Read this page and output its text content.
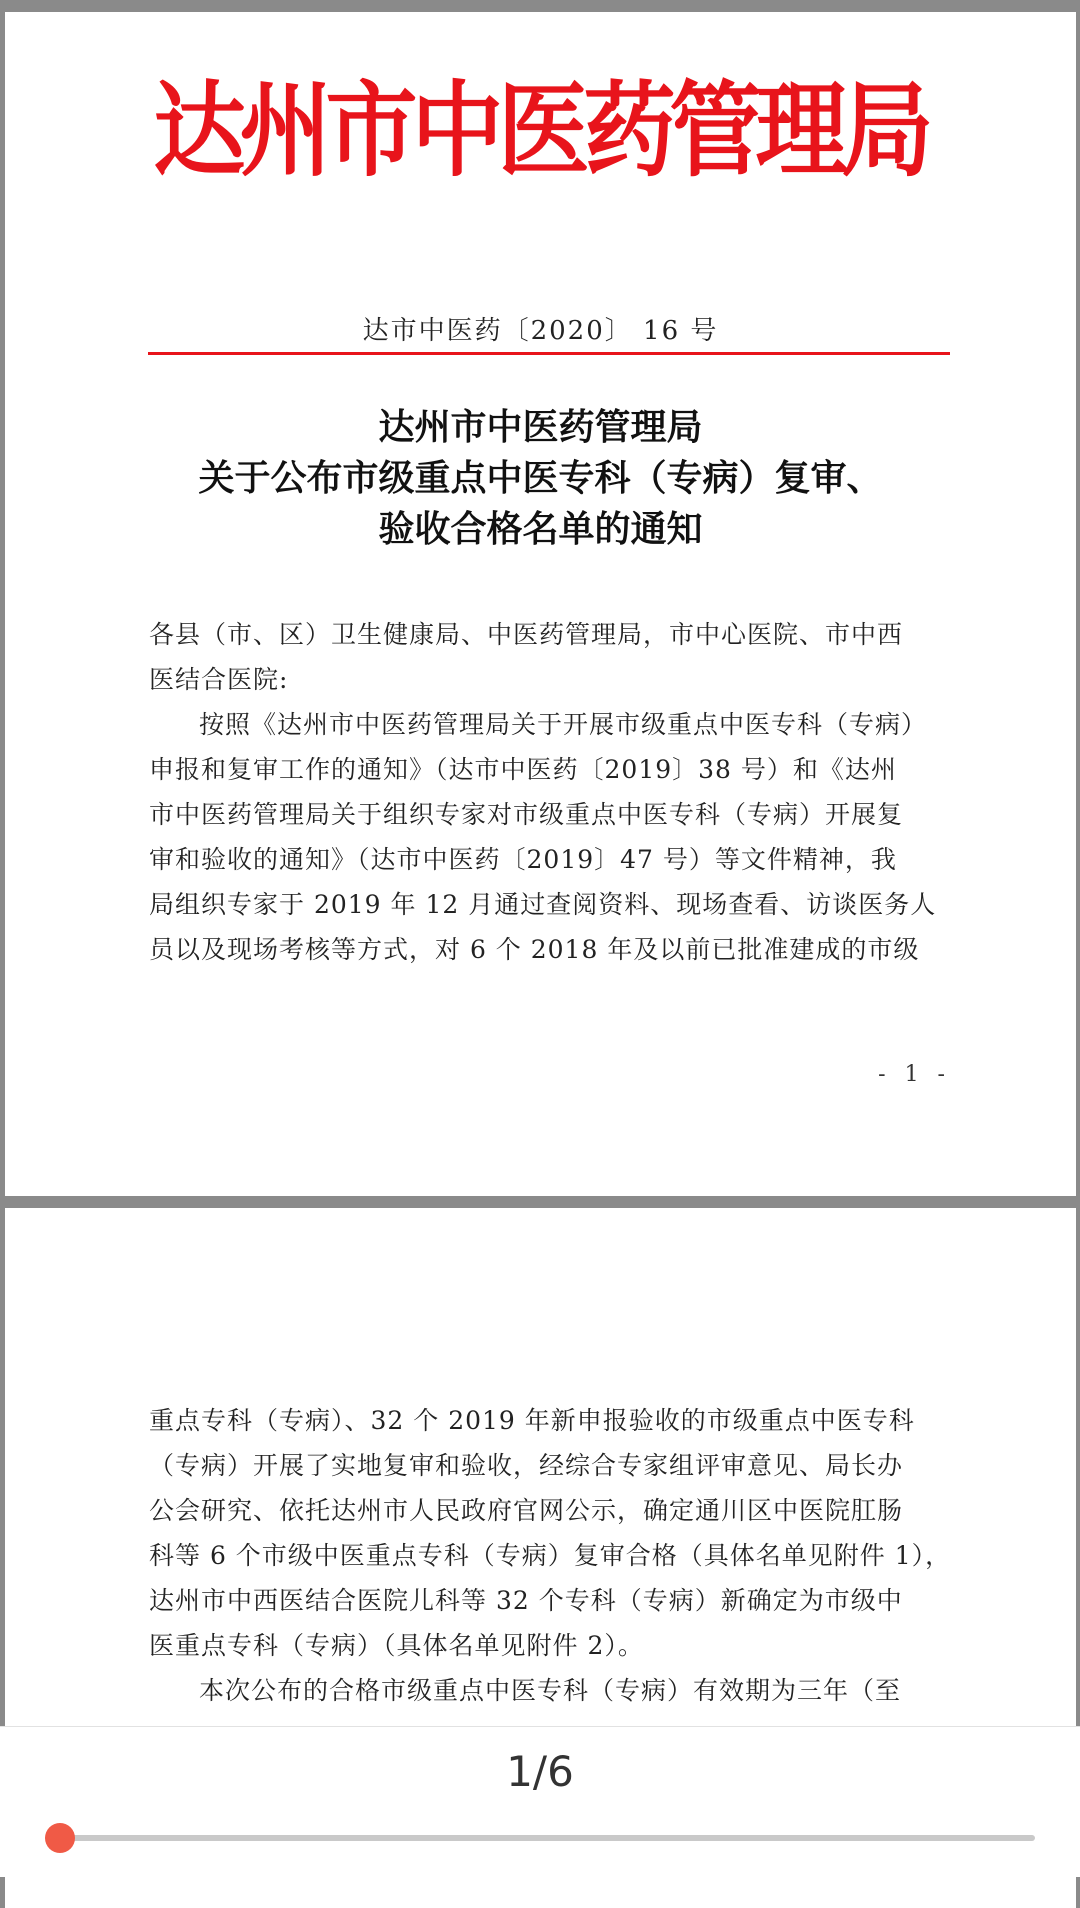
达州市中医药管理局
达市中医药〔2020〕 16 号
达州市中医药管理局
关于公布市级重点中医专科（专病）复审、
验收合格名单的通知
各县（市、区）卫生健康局、中医药管理局，市中心医院、市中西
医结合医院:
按照《达州市中医药管理局关于开展市级重点中医专科（专病）
申报和复审工作的通知》（达市中医药〔2019〕38 号）和《达州
市中医药管理局关于组织专家对市级重点中医专科（专病）开展复
审和验收的通知》（达市中医药〔2019〕47 号）等文件精神，我
局组织专家于 2019 年 12 月通过查阅资料、现场查看、访谈医务人
员以及现场考核等方式，对 6 个 2018 年及以前已批准建成的市级
- 1 -
重点专科（专病）、32 个 2019 年新申报验收的市级重点中医专科
（专病）开展了实地复审和验收，经综合专家组评审意见、局长办
公会研究、依托达州市人民政府官网公示，确定通川区中医院肛肠
科等 6 个市级中医重点专科（专病）复审合格（具体名单见附件 1），
达州市中西医结合医院儿科等 32 个专科（专病）新确定为市级中
医重点专科（专病）（具体名单见附件 2）。
本次公布的合格市级重点中医专科（专病）有效期为三年（至
1/6
